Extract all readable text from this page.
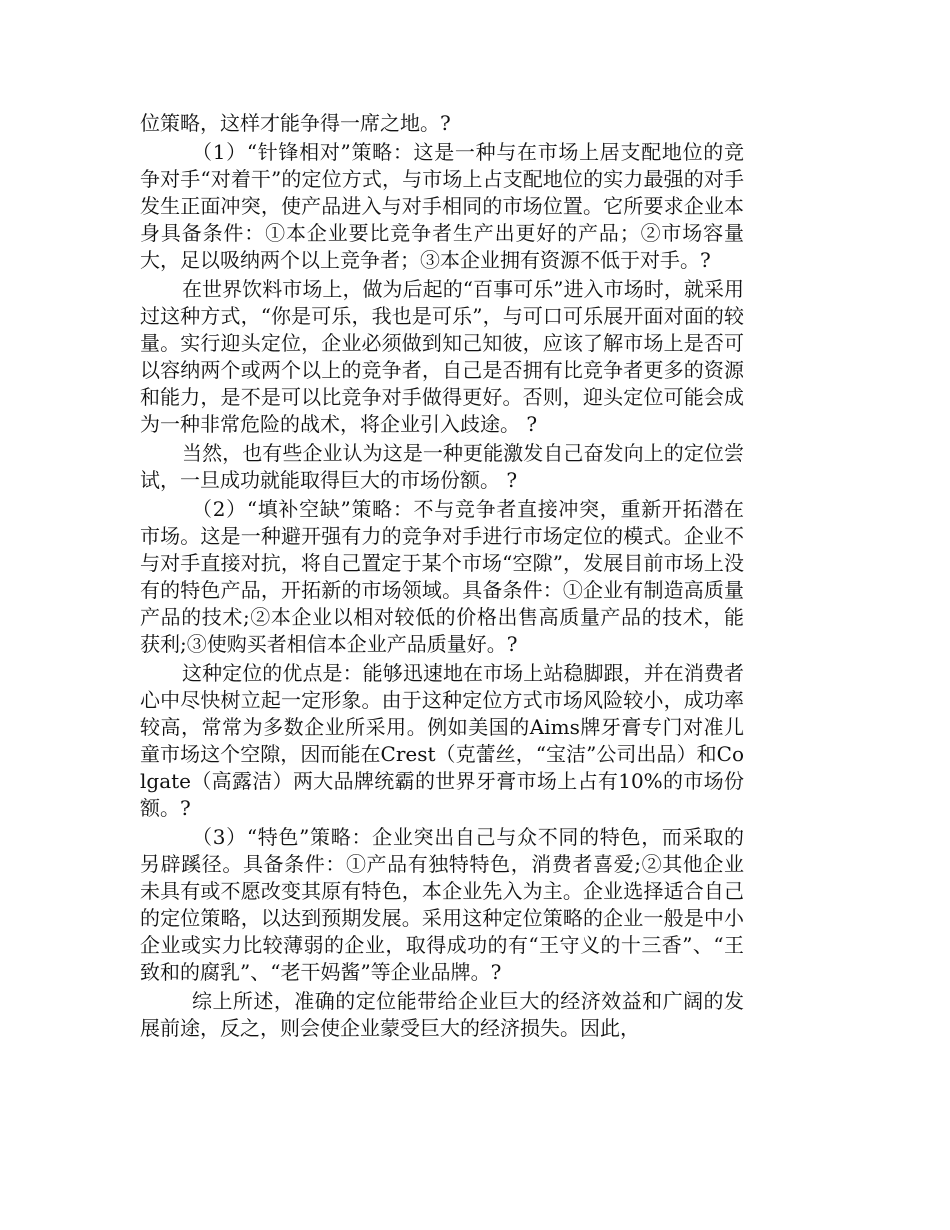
位策略，这样才能争得一席之地。?

（1）“针锋相对”策略：这是一种与在市场上居支配地位的竞争对手“对着干”的定位方式，与市场上占支配地位的实力最强的对手发生正面冲突，使产品进入与对手相同的市场位置。它所要求企业本身具备条件：①本企业要比竞争者生产出更好的产品；②市场容量大，足以吸纳两个以上竞争者；③本企业拥有资源不低于对手。?

在世界饮料市场上，做为后起的“百事可乐”进入市场时，就采用过这种方式，“你是可乐，我也是可乐”，与可口可乐展开面对面的较量。实行迎头定位，企业必须做到知己知彼，应该了解市场上是否可以容纳两个或两个以上的竞争者，自己是否拥有比竞争者更多的资源和能力，是不是可以比竞争对手做得更好。否则，迎头定位可能会成为一种非常危险的战术，将企业引入歧途。 ?

当然，也有些企业认为这是一种更能激发自己奋发向上的定位尝试，一旦成功就能取得巨大的市场份额。 ?

（2）“填补空缺”策略：不与竞争者直接冲突，重新开拓潜在市场。这是一种避开强有力的竞争对手进行市场定位的模式。企业不与对手直接对抗，将自己置定于某个市场“空隙”，发展目前市场上没有的特色产品，开拓新的市场领域。具备条件：①企业有制造高质量产品的技术;②本企业以相对较低的价格出售高质量产品的技术，能获利;③使购买者相信本企业产品质量好。?

这种定位的优点是：能够迅速地在市场上站稳脚跟，并在消费者心中尽快树立起一定形象。由于这种定位方式市场风险较小，成功率较高，常常为多数企业所采用。例如美国的Aims牌牙膏专门对准儿童市场这个空隙，因而能在Crest（克蕾丝，“宝洁”公司出品）和Colgate（高露洁）两大品牌统霸的世界牙膏市场上占有10%的市场份额。?

（3）“特色”策略：企业突出自己与众不同的特色，而采取的另辟蹊径。具备条件：①产品有独特特色，消费者喜爱;②其他企业未具有或不愿改变其原有特色，本企业先入为主。企业选择适合自己的定位策略，以达到预期发展。采用这种定位策略的企业一般是中小企业或实力比较薄弱的企业，取得成功的有“王守义的十三香”、“王致和的腐乳”、“老干妈酱”等企业品牌。?

综上所述，准确的定位能带给企业巨大的经济效益和广阔的发展前途，反之，则会使企业蒙受巨大的经济损失。因此，
